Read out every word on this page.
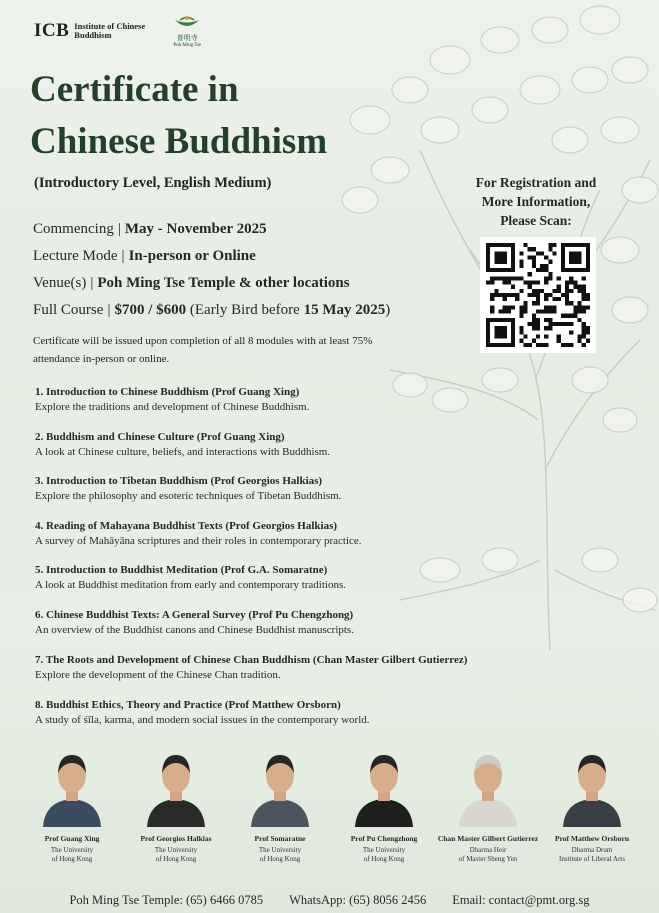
ICB Institute of Chinese Buddhism	普明寺
Poh Ming Tse
Certificate in
Chinese Buddhism
(Introductory Level, English Medium)
Commencing | May - November 2025
Lecture Mode | In-person or Online
Venue(s) | Poh Ming Tse Temple & other locations
Full Course | $700 / $600 (Early Bird before 15 May 2025)
Certificate will be issued upon completion of all 8 modules with at least 75% attendance in-person or online.
For Registration and
More Information,
Please Scan:
1. Introduction to Chinese Buddhism (Prof Guang Xing)
Explore the traditions and development of Chinese Buddhism.
2. Buddhism and Chinese Culture (Prof Guang Xing)
A look at Chinese culture, beliefs, and interactions with Buddhism.
3. Introduction to Tibetan Buddhism (Prof Georgios Halkias)
Explore the philosophy and esoteric techniques of Tibetan Buddhism.
4. Reading of Mahayana Buddhist Texts (Prof Georgios Halkias)
A survey of Mahāyāna scriptures and their roles in contemporary practice.
5. Introduction to Buddhist Meditation (Prof G.A. Somaratne)
A look at Buddhist meditation from early and contemporary traditions.
6. Chinese Buddhist Texts: A General Survey (Prof Pu Chengzhong)
An overview of the Buddhist canons and Chinese Buddhist manuscripts.
7. The Roots and Development of Chinese Chan Buddhism (Chan Master Gilbert Gutierrez)
Explore the development of the Chinese Chan tradition.
8. Buddhist Ethics, Theory and Practice (Prof Matthew Orsborn)
A study of śīla, karma, and modern social issues in the contemporary world.
Prof Guang Xing
The University
of Hong Kong
Prof Georgios Halkias
The University
of Hong Kong
Prof Somaratne
The University
of Hong Kong
Prof Pu Chengzhong
The University
of Hong Kong
Chan Master Gilbert Gutierrez
Dharma Heir
of Master Sheng Yen
Prof Matthew Orsborn
Dharma Drum
Institute of Liberal Arts
Poh Ming Tse Temple: (65) 6466 0785 WhatsApp: (65) 8056 2456 Email: contact@pmt.org.sg
